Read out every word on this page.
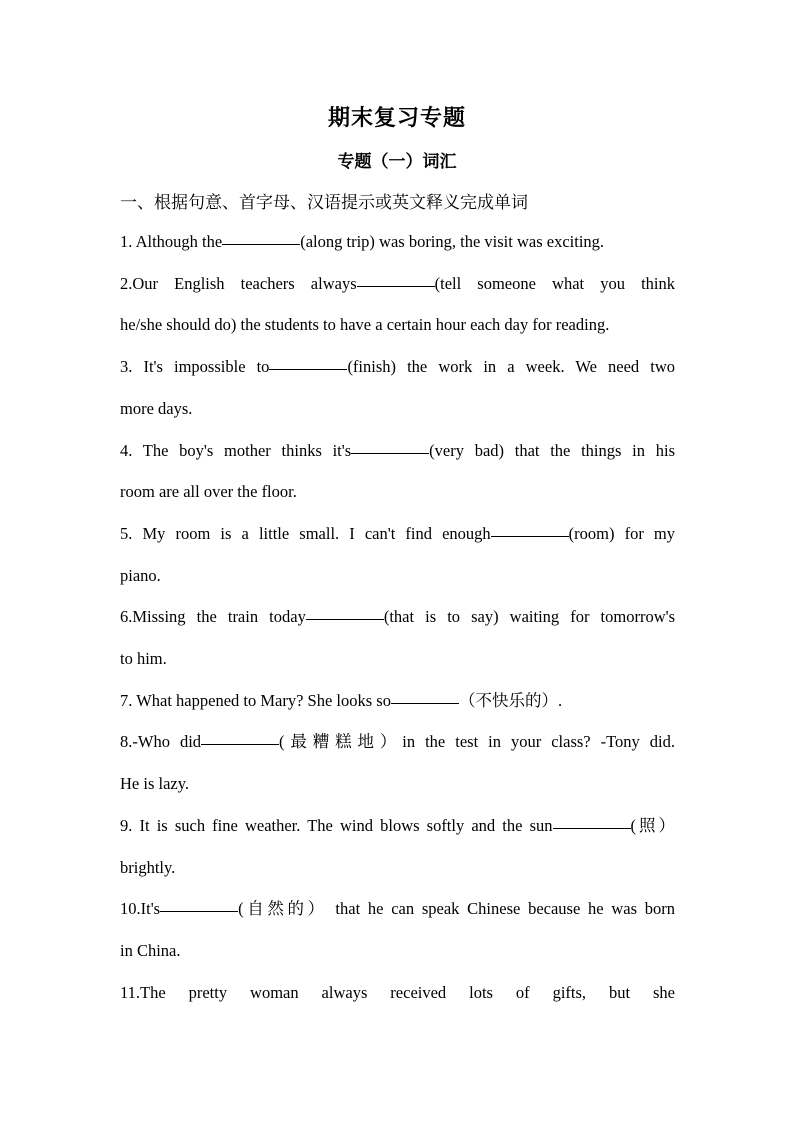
期末复习专题
专题（一）词汇
一、根据句意、首字母、汉语提示或英文释义完成单词

1. Although the	(along trip) was boring, the visit was exciting.

2.Our English teachers always	(tell someone what you think
he/she should do) the students to have a certain hour each day for reading.

3. It's impossible to	(finish) the work in a week. We need two
more days.

4. The boy's mother thinks it's	(very bad) that the things in his
room are all over the floor.

5. My room is a little small. I can't find enough	(room) for my
piano.

6.Missing the train today	(that is to say) waiting for tomorrow's
to him.

7. What happened to Mary? She looks so	（不快乐的）.

8.-Who did	(最糟糕地）in the test in your class? -Tony did.
He is lazy.

9. It is such fine weather. The wind blows softly and the sun	(照）
brightly.

10.It's	(自然的） that he can speak Chinese because he was born
in China.

11.The pretty woman always received lots of gifts, but she
